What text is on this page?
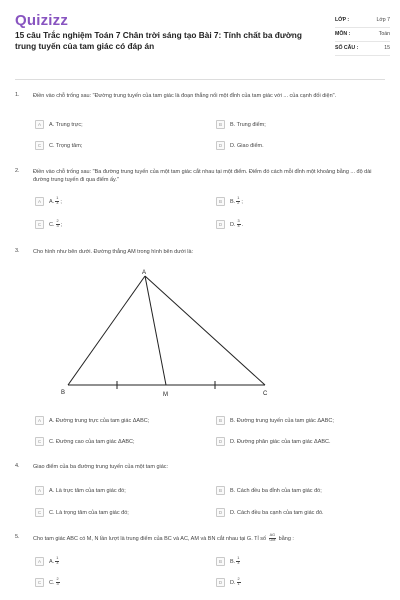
Quizizz
15 câu Trắc nghiệm Toán 7 Chân trời sáng tạo Bài 7: Tính chất ba đường trung tuyến của tam giác có đáp án
LỚP :	Lớp 7
MÔN :	Toán
SỐ CÂU :	15
1. Điền vào chỗ trống sau: "Đường trung tuyến của tam giác là đoạn thẳng nối một đỉnh của tam giác với ... của cạnh đối diện".
A	A. Trung trực;	B	B. Trung điểm;
C	C. Trọng tâm;	D	D. Giao điểm.
2. Điền vào chỗ trống sau: "Ba đường trung tuyến của một tam giác cắt nhau tại một điểm. Điểm đó cách mỗi đỉnh một khoảng bằng ... độ dài đường trung tuyến đi qua điểm ấy."
A	A. $\frac{1}{3}$ ;	B	B. $\frac{1}{2}$ ;
C	C. $\frac{2}{3}$ ;	D	D. $\frac{3}{4}$ .
3. Cho hình như bên dưới. Đường thẳng AM trong hình bên dưới là:
A
B	C
M
A	A. Đường trung trực của tam giác ΔABC;	B	B. Đường trung tuyến của tam giác ΔABC;
C	C. Đường cao của tam giác ΔABC;	D	D. Đường phân giác của tam giác ΔABC.
4. Giao điểm của ba đường trung tuyến của một tam giác:
A	A. Là trực tâm của tam giác đó;	B	B. Cách đều ba đỉnh của tam giác đó;
C	C. Là trọng tâm của tam giác đó;	D	D. Cách đều ba cạnh của tam giác đó.
5. Cho tam giác ABC có M, N lần lượt là trung điểm của BC và AC, AM và BN cắt nhau tại G. Tỉ số $\frac{AG}{GM}$ bằng :
A	A. $\frac{1}{3}$	B	B. $\frac{1}{3}$
C	C. $\frac{2}{3}$	D	D. $\frac{2}{1}$
